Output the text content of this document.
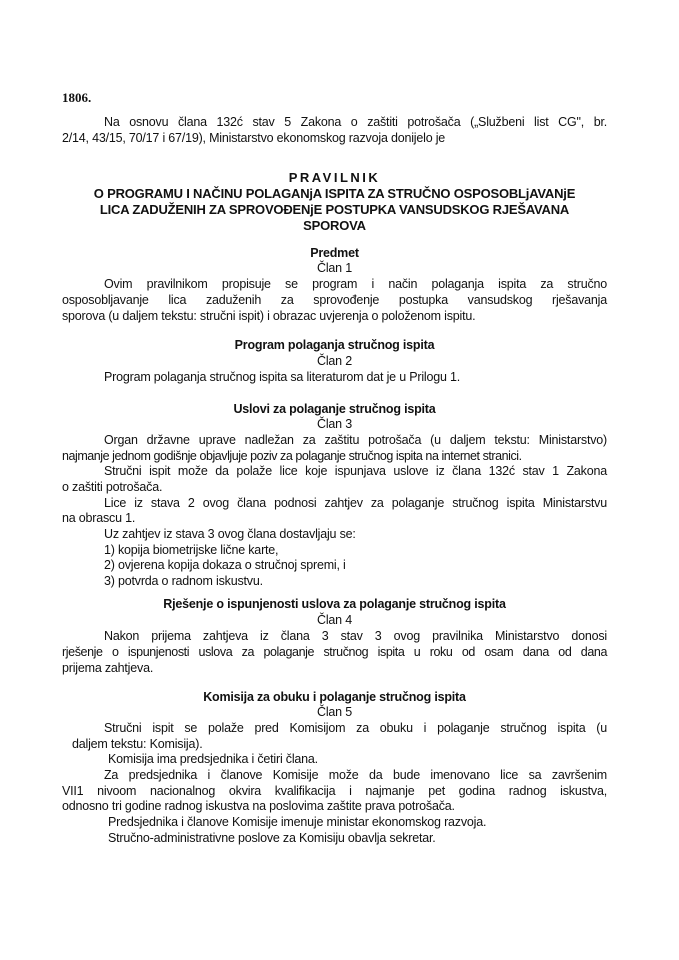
1806.
Na osnovu člana 132ć stav 5 Zakona o zaštiti potrošača („Službeni list CG", br.
2/14, 43/15, 70/17 i 67/19), Ministarstvo ekonomskog razvoja donijelo je
PRAVILNIK
O PROGRAMU I NAČINU POLAGANjA ISPITA ZA STRUČNO OSPOSOBLjAVANjE
LICA ZADUŽENIH ZA SPROVOĐENjE POSTUPKA VANSUDSKOG RJEŠAVANA
SPOROVA
Predmet
Član 1
Ovim pravilnikom propisuje se program i način polaganja ispita za stručno
osposobljavanje lica zaduženih za sprovođenje postupka vansudskog rješavanja
sporova (u daljem tekstu: stručni ispit) i obrazac uvjerenja o položenom ispitu.
Program polaganja stručnog ispita
Član 2
Program polaganja stručnog ispita sa literaturom dat je u Prilogu 1.
Uslovi za polaganje stručnog ispita
Član 3
Organ državne uprave nadležan za zaštitu potrošača (u daljem tekstu: Ministarstvo)
najmanje jednom godišnje objavljuje poziv za polaganje stručnog ispita na internet stranici.
Stručni ispit može da polaže lice koje ispunjava uslove iz člana 132ć stav 1 Zakona
o zaštiti potrošača.
Lice iz stava 2 ovog člana podnosi zahtjev za polaganje stručnog ispita Ministarstvu
na obrascu 1.
Uz zahtjev iz stava 3 ovog člana dostavljaju se:
1) kopija biometrijske lične karte,
2) ovjerena kopija dokaza o stručnoj spremi, i
3) potvrda o radnom iskustvu.
Rješenje o ispunjenosti uslova za polaganje stručnog ispita
Član 4
Nakon prijema zahtjeva iz člana 3 stav 3 ovog pravilnika Ministarstvo donosi
rješenje o ispunjenosti uslova za polaganje stručnog ispita u roku od osam dana od dana
prijema zahtjeva.
Komisija za obuku i polaganje stručnog ispita
Član 5
Stručni ispit se polaže pred Komisijom za obuku i polaganje stručnog ispita (u
daljem tekstu: Komisija).
Komisija ima predsjednika i četiri člana.
Za predsjednika i članove Komisije može da bude imenovano lice sa završenim
VII1 nivoom nacionalnog okvira kvalifikacija i najmanje pet godina radnog iskustva,
odnosno tri godine radnog iskustva na poslovima zaštite prava potrošača.
Predsjednika i članove Komisije imenuje ministar ekonomskog razvoja.
Stručno-administrativne poslove za Komisiju obavlja sekretar.
